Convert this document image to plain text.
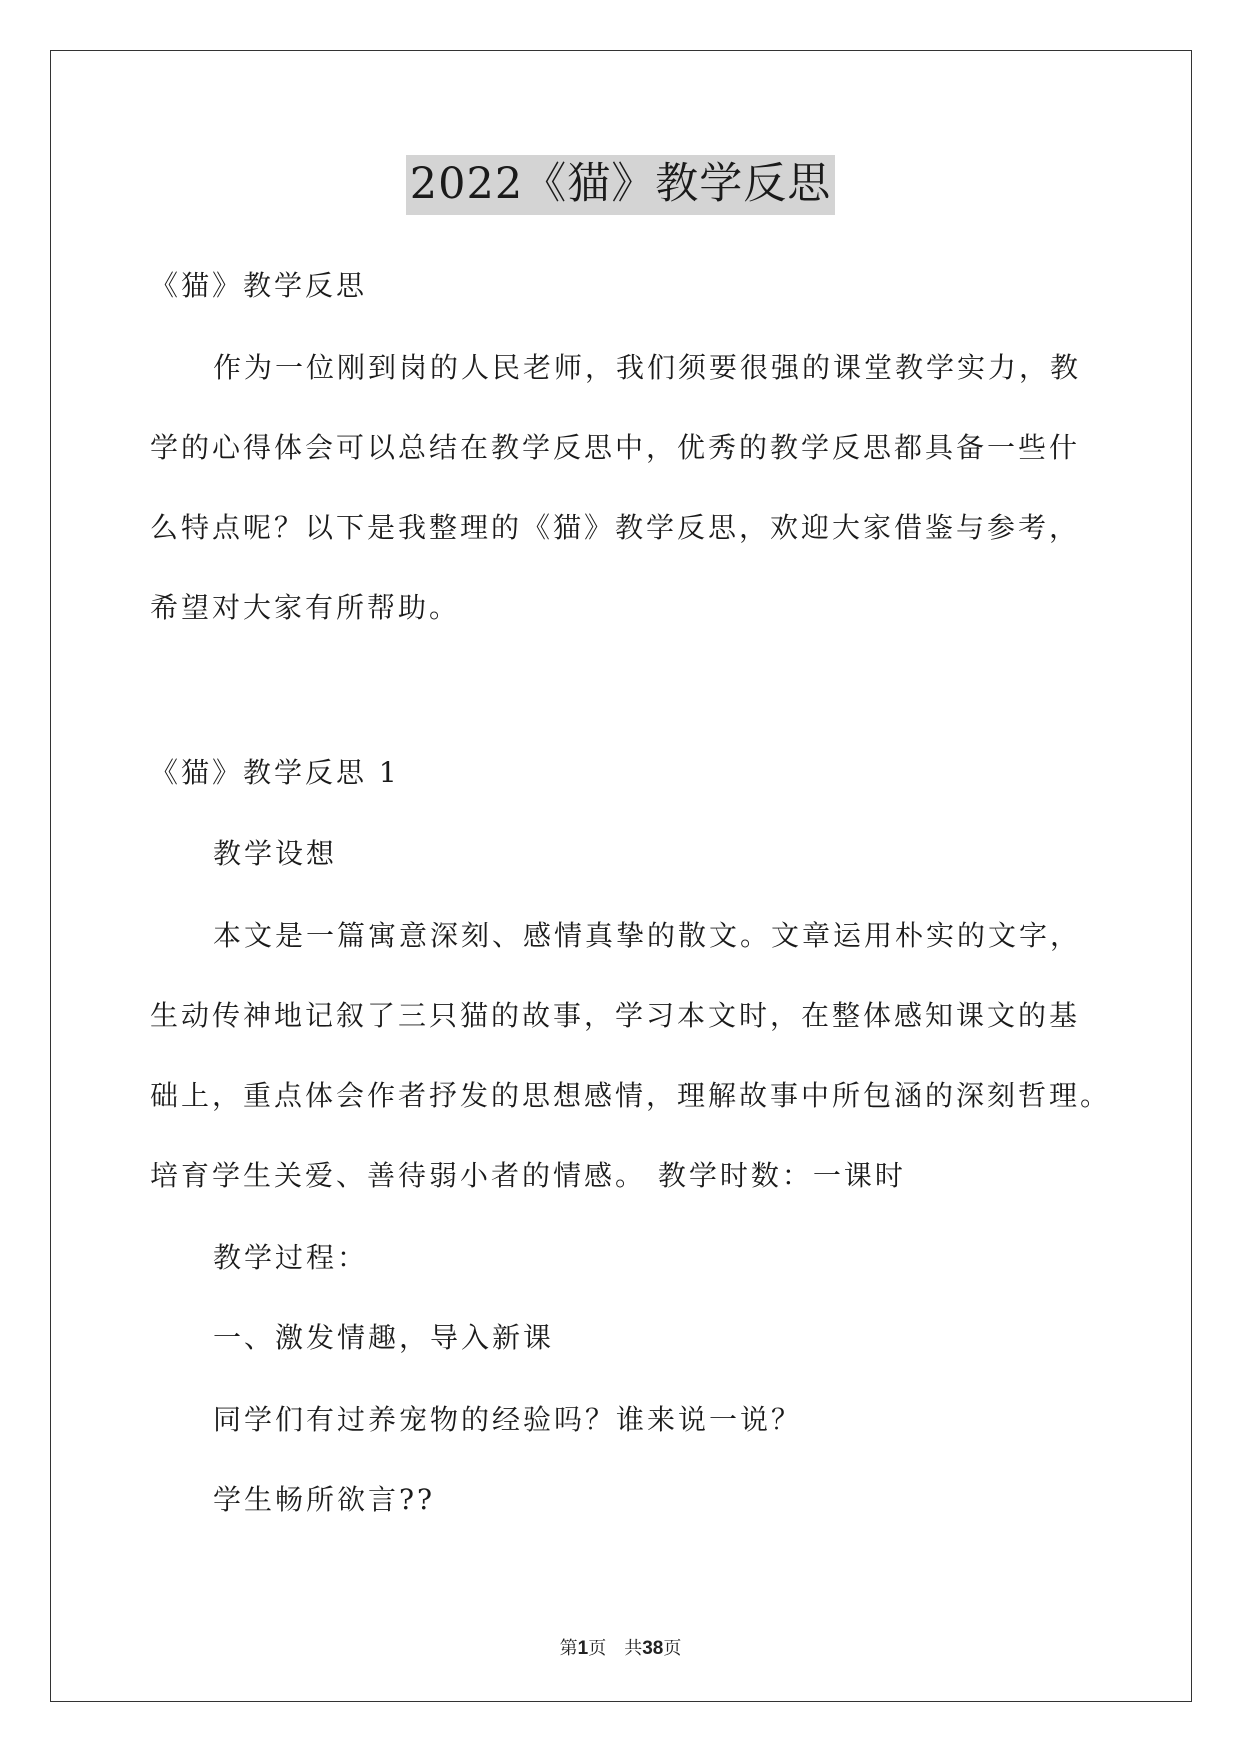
2022《猫》教学反思
《猫》教学反思
作为一位刚到岗的人民老师，我们须要很强的课堂教学实力，教
学的心得体会可以总结在教学反思中，优秀的教学反思都具备一些什
么特点呢？以下是我整理的《猫》教学反思，欢迎大家借鉴与参考，
希望对大家有所帮助。
《猫》教学反思 1
教学设想
本文是一篇寓意深刻、感情真挚的散文。文章运用朴实的文字，
生动传神地记叙了三只猫的故事，学习本文时，在整体感知课文的基
础上，重点体会作者抒发的思想感情，理解故事中所包涵的深刻哲理。
培育学生关爱、善待弱小者的情感。 教学时数：一课时
教学过程：
一、激发情趣，导入新课
同学们有过养宠物的经验吗？谁来说一说？
学生畅所欲言??
第1页　共38页
